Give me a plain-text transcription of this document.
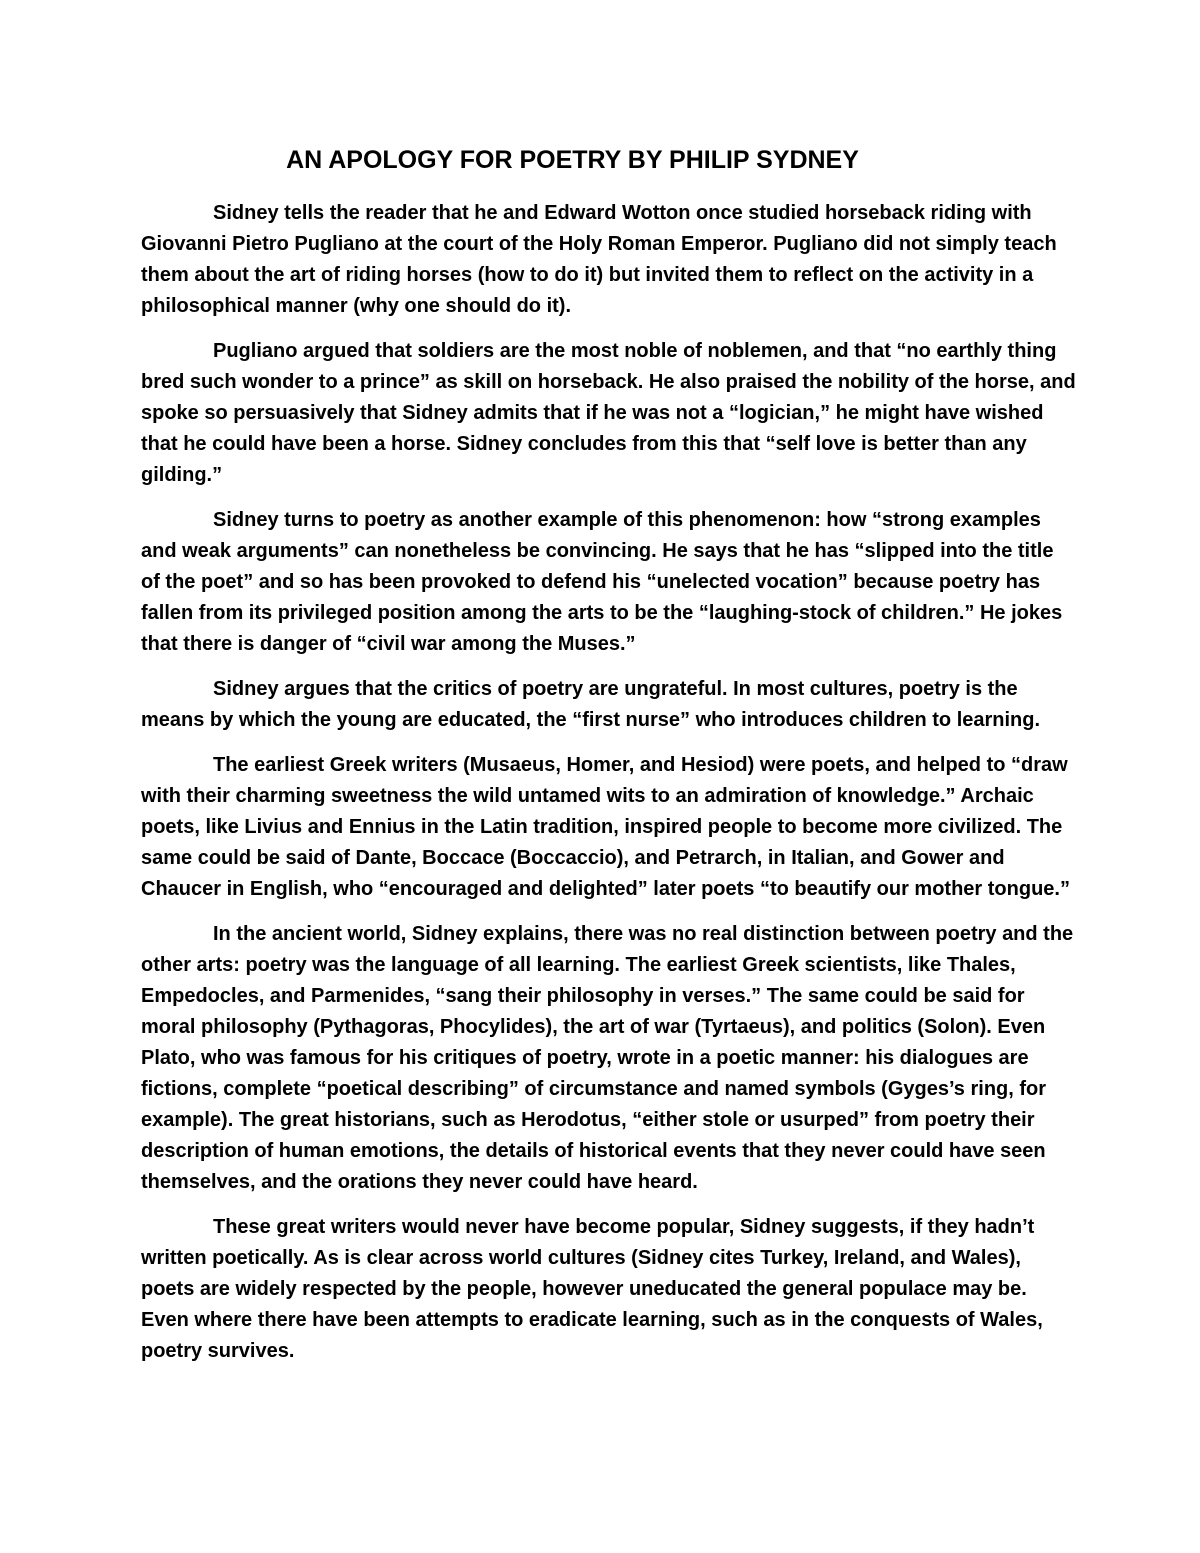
AN APOLOGY FOR POETRY BY PHILIP SYDNEY

Sidney tells the reader that he and Edward Wotton once studied horseback riding with Giovanni Pietro Pugliano at the court of the Holy Roman Emperor. Pugliano did not simply teach them about the art of riding horses (how to do it) but invited them to reflect on the activity in a philosophical manner (why one should do it).

Pugliano argued that soldiers are the most noble of noblemen, and that “no earthly thing bred such wonder to a prince” as skill on horseback. He also praised the nobility of the horse, and spoke so persuasively that Sidney admits that if he was not a “logician,” he might have wished that he could have been a horse. Sidney concludes from this that “self love is better than any gilding.”

Sidney turns to poetry as another example of this phenomenon: how “strong examples and weak arguments” can nonetheless be convincing. He says that he has “slipped into the title of the poet” and so has been provoked to defend his “unelected vocation” because poetry has fallen from its privileged position among the arts to be the “laughing-stock of children.” He jokes that there is danger of “civil war among the Muses.”

Sidney argues that the critics of poetry are ungrateful. In most cultures, poetry is the means by which the young are educated, the “first nurse” who introduces children to learning.

The earliest Greek writers (Musaeus, Homer, and Hesiod) were poets, and helped to “draw with their charming sweetness the wild untamed wits to an admiration of knowledge.” Archaic poets, like Livius and Ennius in the Latin tradition, inspired people to become more civilized. The same could be said of Dante, Boccace (Boccaccio), and Petrarch, in Italian, and Gower and Chaucer in English, who “encouraged and delighted” later poets “to beautify our mother tongue.”

In the ancient world, Sidney explains, there was no real distinction between poetry and the other arts: poetry was the language of all learning. The earliest Greek scientists, like Thales, Empedocles, and Parmenides, “sang their philosophy in verses.” The same could be said for moral philosophy (Pythagoras, Phocylides), the art of war (Tyrtaeus), and politics (Solon). Even Plato, who was famous for his critiques of poetry, wrote in a poetic manner: his dialogues are fictions, complete “poetical describing” of circumstance and named symbols (Gyges’s ring, for example). The great historians, such as Herodotus, “either stole or usurped” from poetry their description of human emotions, the details of historical events that they never could have seen themselves, and the orations they never could have heard.

These great writers would never have become popular, Sidney suggests, if they hadn’t written poetically. As is clear across world cultures (Sidney cites Turkey, Ireland, and Wales), poets are widely respected by the people, however uneducated the general populace may be. Even where there have been attempts to eradicate learning, such as in the conquests of Wales, poetry survives.
